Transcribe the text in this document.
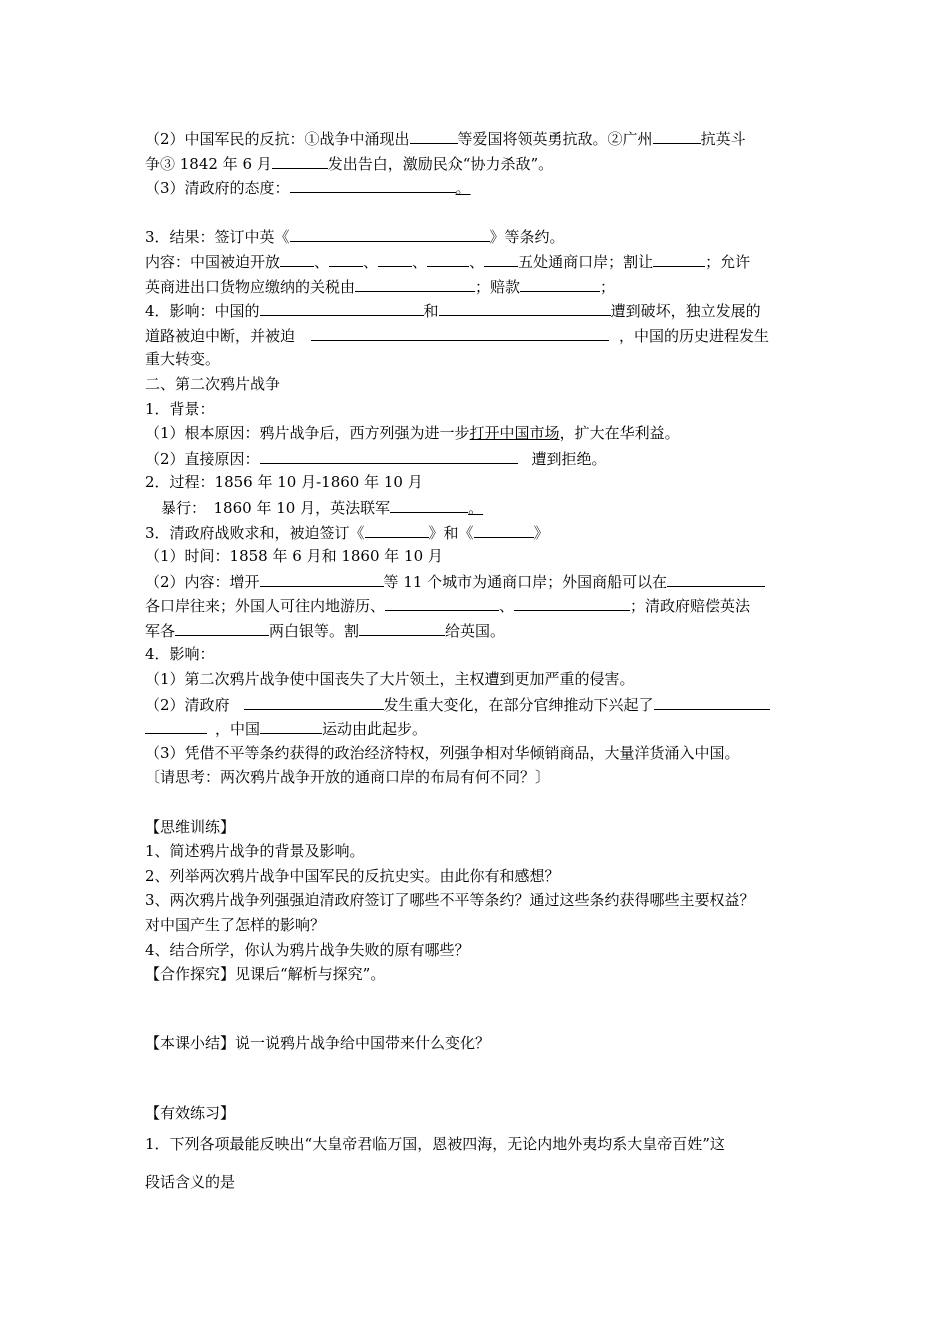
（2）中国军民的反抗：①战争中涌现出	等爱国将领英勇抗敌。②广州	抗英斗
争③ 1842 年 6 月	发出告白，激励民众“协力杀敌”。
（3）清政府的态度：	。
3．结果：签订中英《	》等条约。
内容：中国被迫开放 、 、 、	、 五处通商口岸；割让	；允许
英商进出口货物应缴纳的关税由	；赔款	；
4．影响：中国的	和	遭到破坏，独立发展的
道路被迫中断，并被迫	，中国的历史进程发生
重大转变。
二、第二次鸦片战争
1．背景：
（1）根本原因：鸦片战争后，西方列强为进一步打开中国市场，扩大在华利益。
（2）直接原因：	遭到拒绝。
2．过程：1856 年 10 月-1860 年 10 月
暴行：　1860 年 10 月，英法联军	。
3．清政府战败求和，被迫签订《	》和《	》
（1）时间：1858 年 6 月和 1860 年 10 月
（2）内容：增开	等 11 个城市为通商口岸；外国商船可以在
各口岸往来；外国人可往内地游历、	、	；清政府赔偿英法
军各	两白银等。割	给英国。
4．影响：
（1）第二次鸦片战争使中国丧失了大片领土，主权遭到更加严重的侵害。
（2）清政府	发生重大变化，在部分官绅推动下兴起了
，中国	运动由此起步。
（3）凭借不平等条约获得的政治经济特权，列强争相对华倾销商品，大量洋货涌入中国。
〔请思考：两次鸦片战争开放的通商口岸的布局有何不同？〕
【思维训练】
1、简述鸦片战争的背景及影响。
2、列举两次鸦片战争中国军民的反抗史实。由此你有和感想？
3、两次鸦片战争列强强迫清政府签订了哪些不平等条约？通过这些条约获得哪些主要权益？
对中国产生了怎样的影响？
4、结合所学，你认为鸦片战争失败的原有哪些？
【合作探究】见课后“解析与探究”。
【本课小结】说一说鸦片战争给中国带来什么变化？
【有效练习】
1．下列各项最能反映出“大皇帝君临万国，恩被四海，无论内地外夷均系大皇帝百姓”这
段话含义的是
